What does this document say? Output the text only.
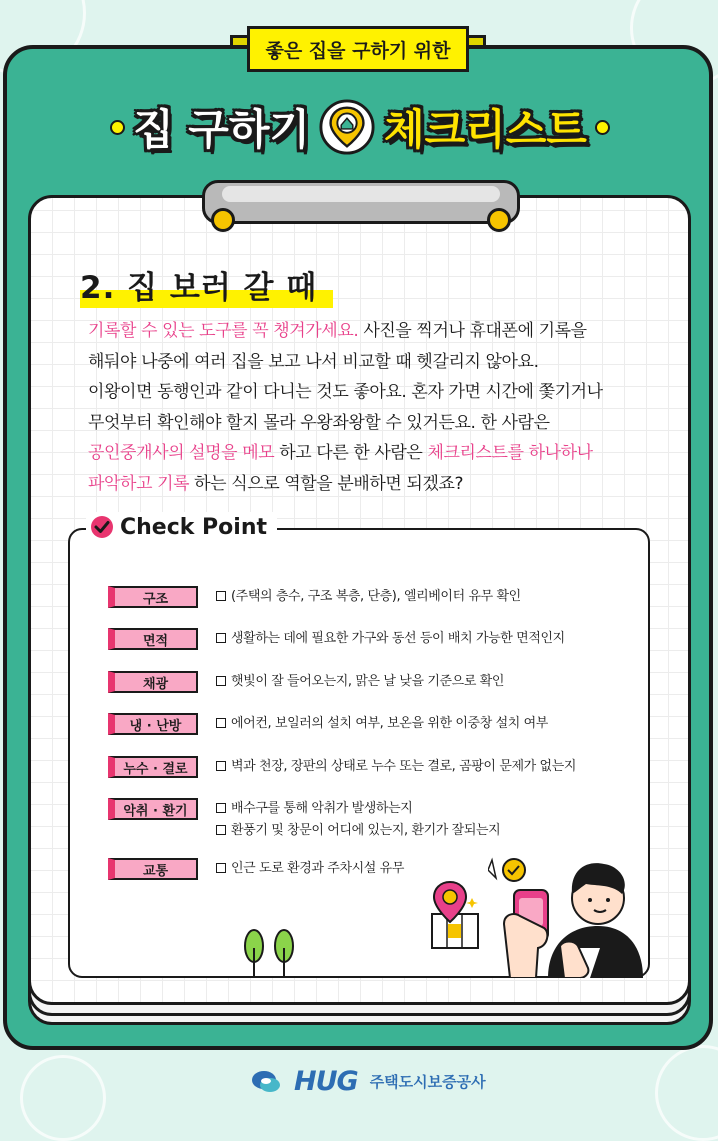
좋은 집을 구하기 위한
집 구하기 체크리스트
2. 집 보러 갈 때
기록할 수 있는 도구를 꼭 챙겨가세요. 사진을 찍거나 휴대폰에 기록을
해둬야 나중에 여러 집을 보고 나서 비교할 때 헷갈리지 않아요.
이왕이면 동행인과 같이 다니는 것도 좋아요. 혼자 가면 시간에 쫓기거나
무엇부터 확인해야 할지 몰라 우왕좌왕할 수 있거든요. 한 사람은
공인중개사의 설명을 메모 하고 다른 한 사람은 체크리스트를 하나하나
파악하고 기록 하는 식으로 역할을 분배하면 되겠죠?
Check Point
구조	(주택의 층수, 구조 복층, 단층), 엘리베이터 유무 확인
면적	생활하는 데에 필요한 가구와 동선 등이 배치 가능한 면적인지
채광	햇빛이 잘 들어오는지, 맑은 날 낮을 기준으로 확인
냉 · 난방	에어컨, 보일러의 설치 여부, 보온을 위한 이중창 설치 여부
누수 · 결로	벽과 천장, 장판의 상태로 누수 또는 결로, 곰팡이 문제가 없는지
악취 · 환기	배수구를 통해 악취가 발생하는지
환풍기 및 창문이 어디에 있는지, 환기가 잘되는지
교통	인근 도로 환경과 주차시설 유무
HUG 주택도시보증공사
